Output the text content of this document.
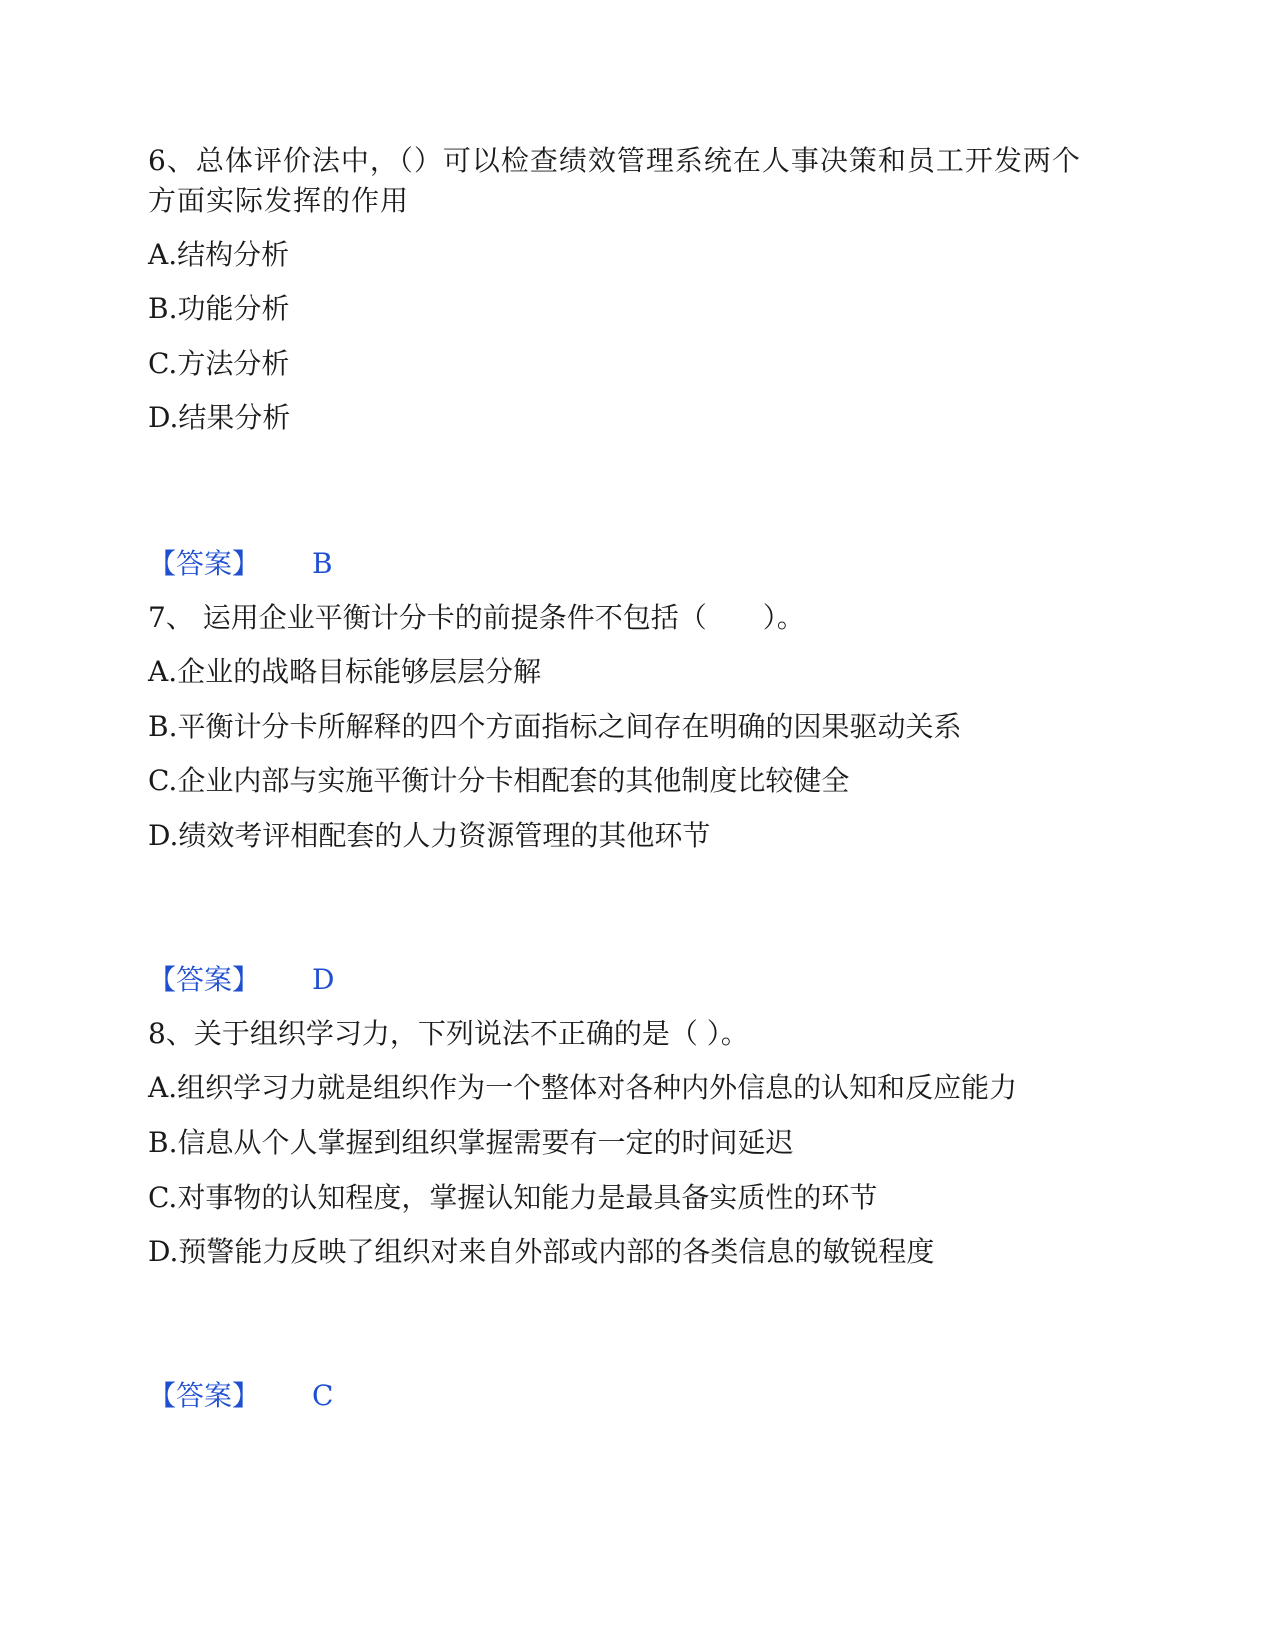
6、总体评价法中，（）可以检查绩效管理系统在人事决策和员工开发两个方面实际发挥的作用
A.结构分析
B.功能分析
C.方法分析
D.结果分析
【答案】 B
7、 运用企业平衡计分卡的前提条件不包括（　　）。
A.企业的战略目标能够层层分解
B.平衡计分卡所解释的四个方面指标之间存在明确的因果驱动关系
C.企业内部与实施平衡计分卡相配套的其他制度比较健全
D.绩效考评相配套的人力资源管理的其他环节
【答案】 D
8、关于组织学习力，下列说法不正确的是（ ）。
A.组织学习力就是组织作为一个整体对各种内外信息的认知和反应能力
B.信息从个人掌握到组织掌握需要有一定的时间延迟
C.对事物的认知程度，掌握认知能力是最具备实质性的环节
D.预警能力反映了组织对来自外部或内部的各类信息的敏锐程度
【答案】 C
